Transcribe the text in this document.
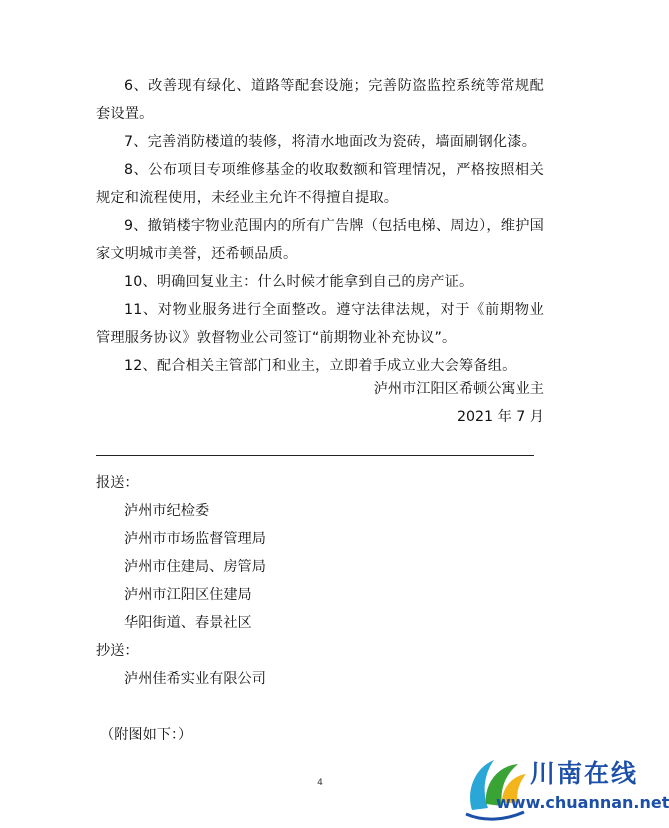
6、改善现有绿化、道路等配套设施；完善防盗监控系统等常规配套设置。

7、完善消防楼道的装修，将清水地面改为瓷砖，墙面刷钢化漆。

8、公布项目专项维修基金的收取数额和管理情况，严格按照相关规定和流程使用，未经业主允许不得擅自提取。

9、撤销楼宇物业范围内的所有广告牌（包括电梯、周边），维护国家文明城市美誉，还希顿品质。

10、明确回复业主：什么时候才能拿到自己的房产证。

11、对物业服务进行全面整改。遵守法律法规，对于《前期物业管理服务协议》敦督物业公司签订“前期物业补充协议”。

12、配合相关主管部门和业主，立即着手成立业大会筹备组。

泸州市江阳区希顿公寓业主

2021 年 7 月

报送：

泸州市纪检委

泸州市市场监督管理局

泸州市住建局、房管局

泸州市江阳区住建局

华阳街道、春景社区

抄送：

泸州佳希实业有限公司

（附图如下：）

4	川南在线
www.chuannan.net
